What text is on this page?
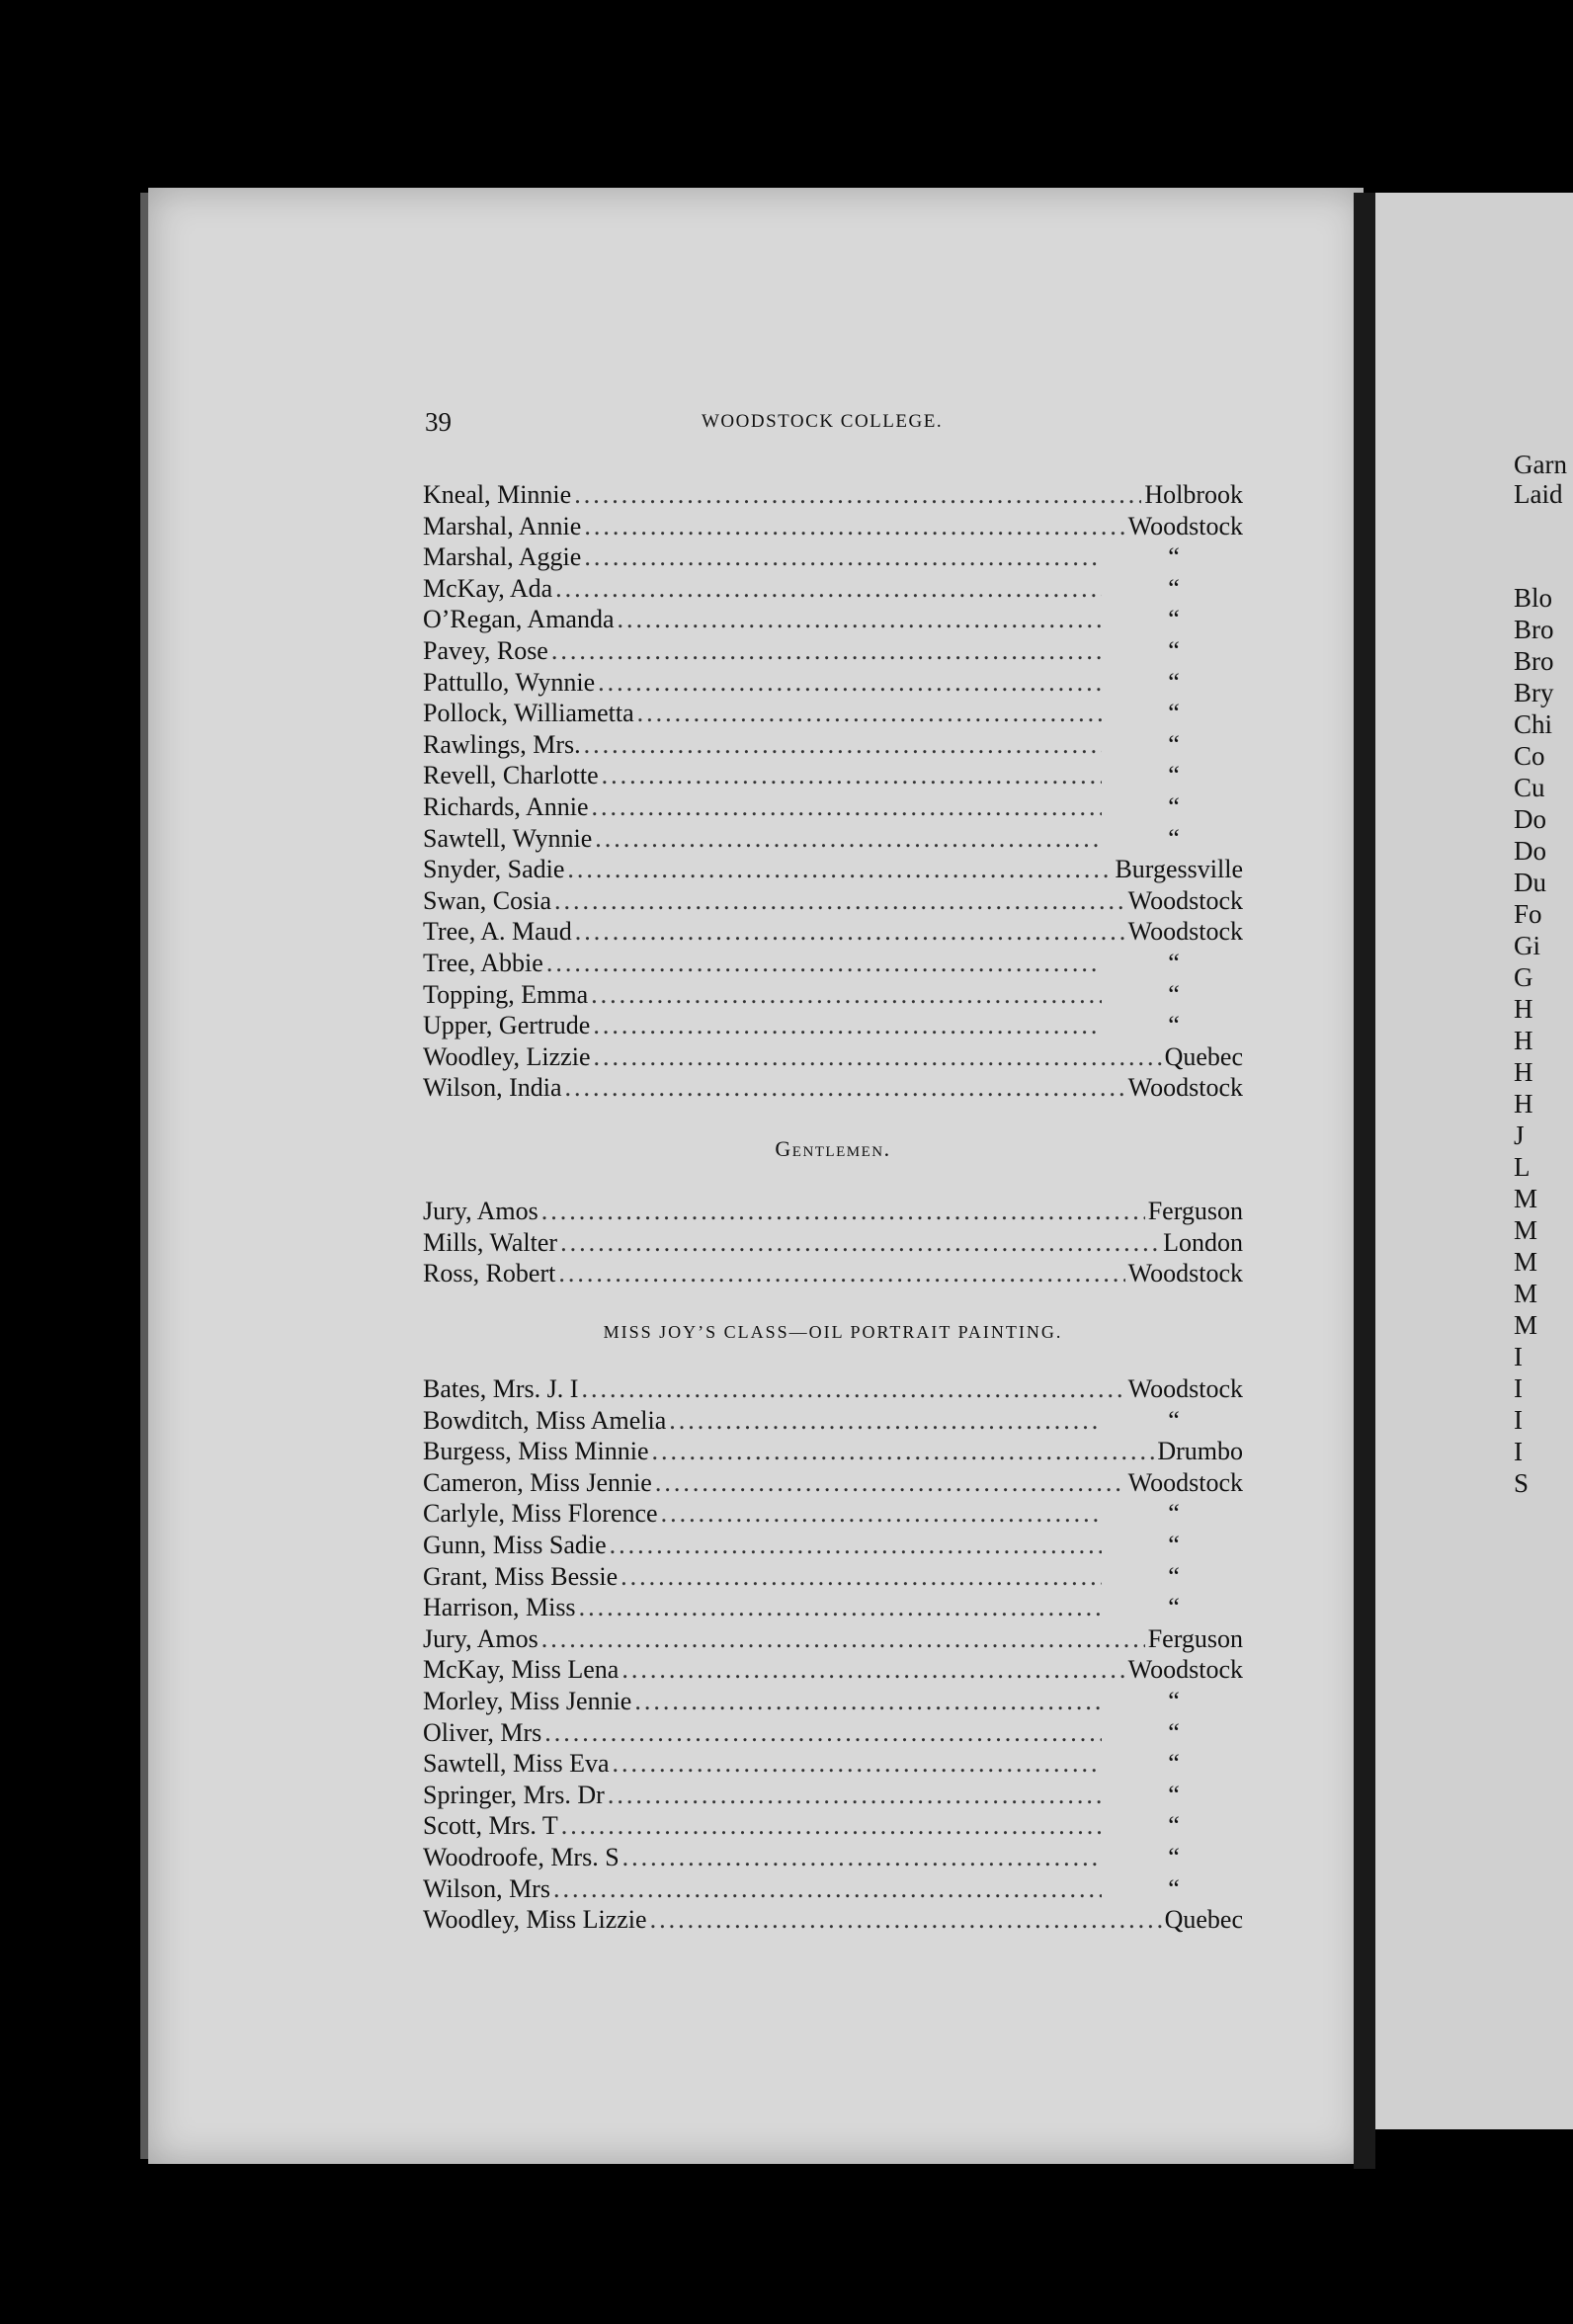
Garn
Laid
Blo
Bro
Bro
Bry
Chi
Co
Cu
Do
Do
Du
Fo
Gi
G
H
H
H
H
J
L
M
M
M
M
M
I
I
I
I
S
39	WOODSTOCK COLLEGE.
Kneal, Minnie .....	Holbrook
Marshal, Annie .....	Woodstock
Marshal, Aggie .....	“
McKay, Ada .....	“
O’Regan, Amanda .....	“
Pavey, Rose .....	“
Pattullo, Wynnie .....	“
Pollock, Williametta .....	“
Rawlings, Mrs. .....	“
Revell, Charlotte .....	“
Richards, Annie .....	“
Sawtell, Wynnie .....	“
Snyder, Sadie .....	Burgessville
Swan, Cosia .....	Woodstock
Tree, A. Maud .....	Woodstock
Tree, Abbie .....	“
Topping, Emma .....	“
Upper, Gertrude .....	“
Woodley, Lizzie .....	Quebec
Wilson, India .....	Woodstock
Gentlemen.
Jury, Amos .....	Ferguson
Mills, Walter .....	London
Ross, Robert .....	Woodstock
MISS JOY’S CLASS—OIL PORTRAIT PAINTING.
Bates, Mrs. J. I .....	Woodstock
Bowditch, Miss Amelia .....	“
Burgess, Miss Minnie .....	Drumbo
Cameron, Miss Jennie .....	Woodstock
Carlyle, Miss Florence .....	“
Gunn, Miss Sadie .....	“
Grant, Miss Bessie .....	“
Harrison, Miss .....	“
Jury, Amos .....	Ferguson
McKay, Miss Lena .....	Woodstock
Morley, Miss Jennie .....	“
Oliver, Mrs .....	“
Sawtell, Miss Eva .....	“
Springer, Mrs. Dr .....	“
Scott, Mrs. T .....	“
Woodroofe, Mrs. S .....	“
Wilson, Mrs .....	“
Woodley, Miss Lizzie .....	Quebec
